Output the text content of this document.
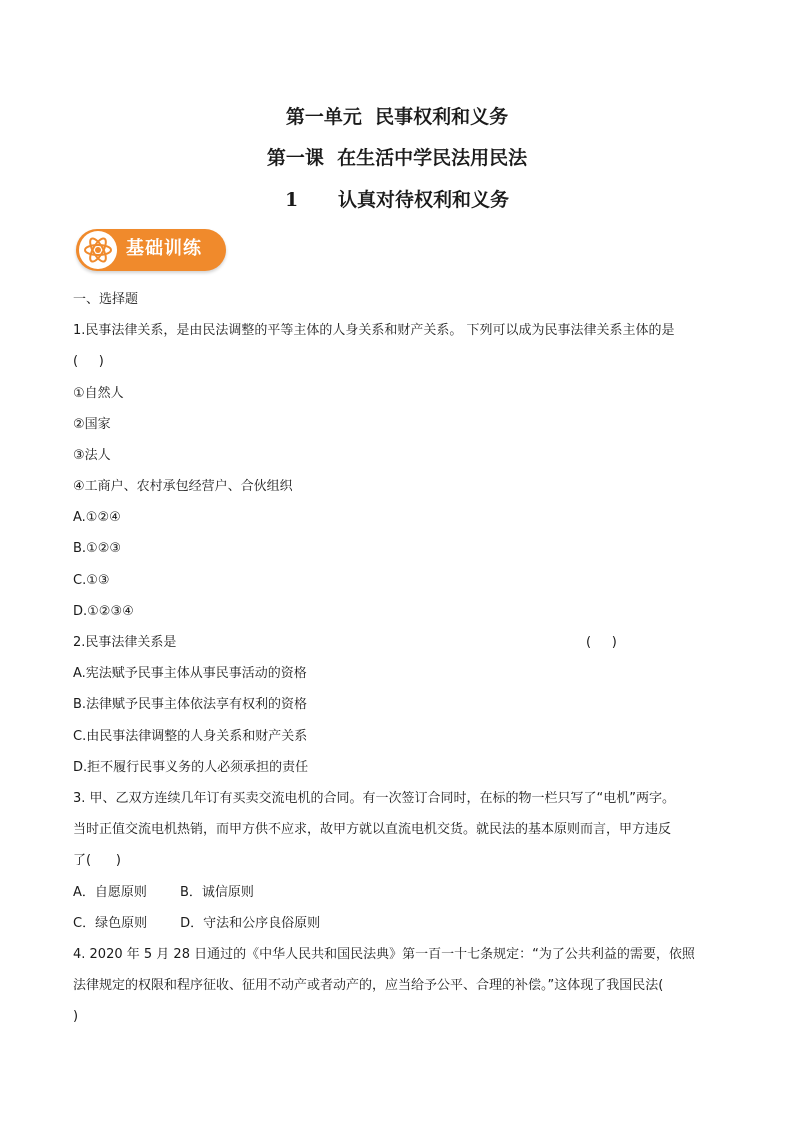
第一单元  民事权利和义务
第一课  在生活中学民法用民法
1      认真对待权利和义务
基础训练
一、选择题
1.民事法律关系，是由民法调整的平等主体的人身关系和财产关系。 下列可以成为民事法律关系主体的是
(     )
①自然人
②国家
③法人
④工商户、农村承包经营户、合伙组织
A.①②④
B.①②③
C.①③
D.①②③④
2.民事法律关系是	(     )
A.宪法赋予民事主体从事民事活动的资格
B.法律赋予民事主体依法享有权利的资格
C.由民事法律调整的人身关系和财产关系
D.拒不履行民事义务的人必须承担的责任
3. 甲、乙双方连续几年订有买卖交流电机的合同。有一次签订合同时，在标的物一栏只写了“电机”两字。
当时正值交流电机热销，而甲方供不应求，故甲方就以直流电机交货。就民法的基本原则而言，甲方违反
了(      )
A．自愿原则        B．诚信原则
C．绿色原则        D．守法和公序良俗原则
4. 2020 年 5 月 28 日通过的《中华人民共和国民法典》第一百一十七条规定：“为了公共利益的需要，依照
法律规定的权限和程序征收、征用不动产或者动产的，应当给予公平、合理的补偿。”这体现了我国民法(
)
